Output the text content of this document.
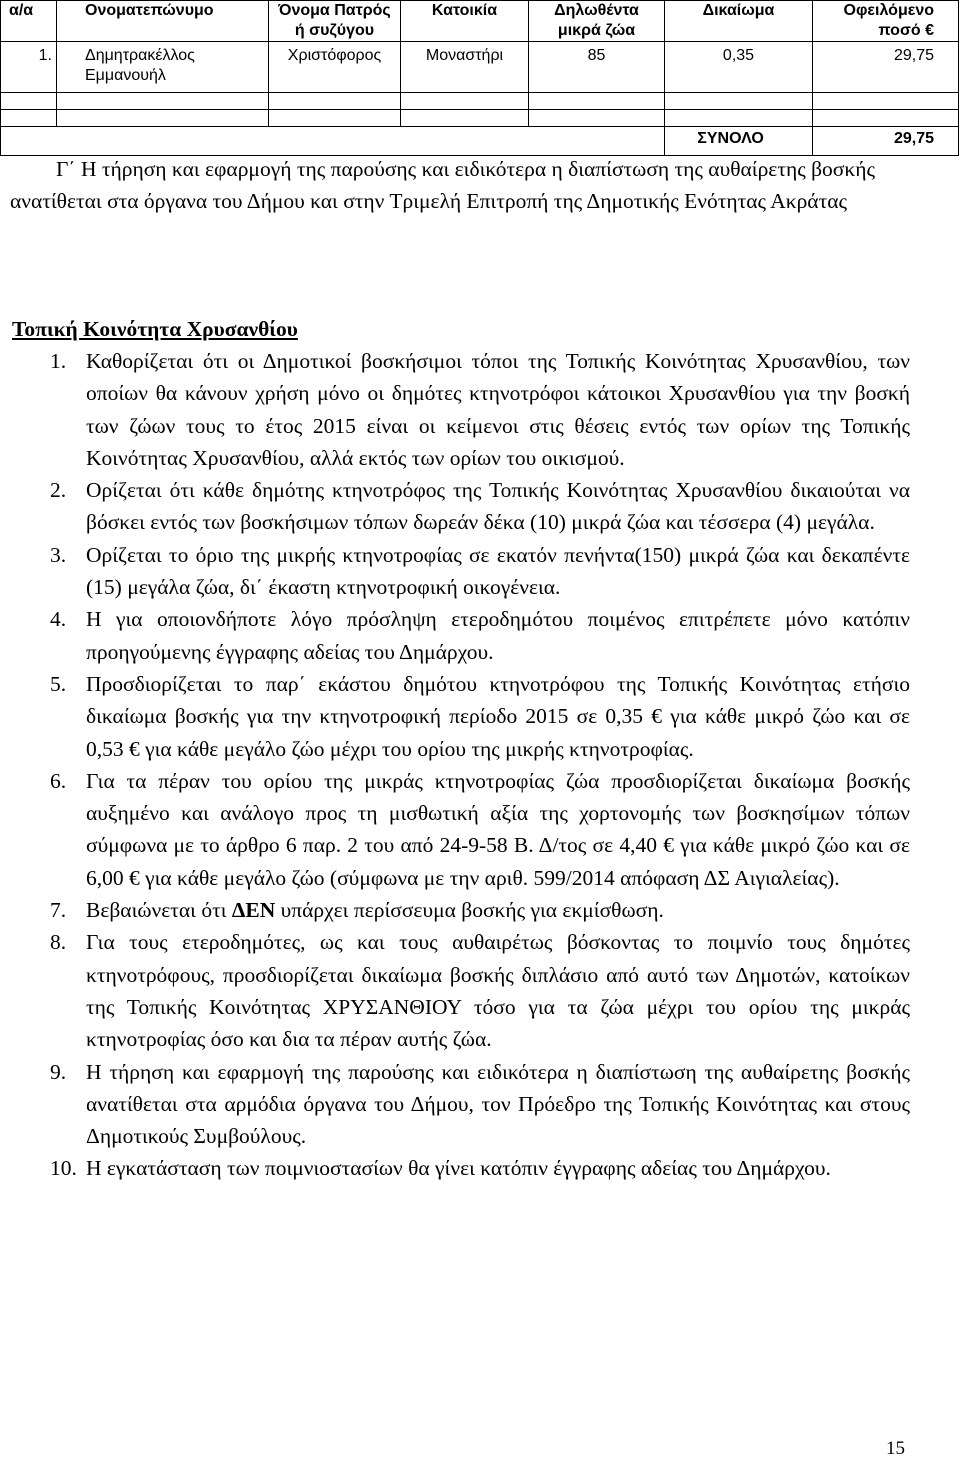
α/α	Ονοματεπώνυμο	Όνομα Πατρός ή συζύγου	Κατοικία	Δηλωθέντα μικρά ζώα	Δικαίωμα	Οφειλόμενο ποσό €
1.	Δημητρακέλλος Εμμανουήλ	Χριστόφορος	Μοναστήρι	85	0,35	29,75

					ΣΥΝΟΛΟ	29,75
Γ΄ Η τήρηση και εφαρμογή της παρούσης και ειδικότερα η διαπίστωση της αυθαίρετης βοσκής ανατίθεται στα όργανα του Δήμου και στην Τριμελή Επιτροπή της Δημοτικής Ενότητας Ακράτας
Τοπική Κοινότητα Χρυσανθίου
1. Καθορίζεται ότι οι Δημοτικοί βοσκήσιμοι τόποι της Τοπικής Κοινότητας Χρυσανθίου, των οποίων θα κάνουν χρήση μόνο οι δημότες κτηνοτρόφοι κάτοικοι Χρυσανθίου για την βοσκή των ζώων τους το έτος 2015 είναι οι κείμενοι στις θέσεις εντός των ορίων της Τοπικής Κοινότητας Χρυσανθίου, αλλά εκτός των ορίων του οικισμού.
2. Ορίζεται ότι κάθε δημότης κτηνοτρόφος της Τοπικής Κοινότητας Χρυσανθίου δικαιούται να βόσκει εντός των βοσκήσιμων τόπων δωρεάν δέκα (10) μικρά ζώα και τέσσερα (4) μεγάλα.
3. Ορίζεται το όριο της μικρής κτηνοτροφίας σε εκατόν πενήντα(150) μικρά ζώα και δεκαπέντε (15) μεγάλα ζώα, δι΄ έκαστη κτηνοτροφική οικογένεια.
4. Η για οποιονδήποτε λόγο πρόσληψη ετεροδημότου ποιμένος επιτρέπετε μόνο κατόπιν προηγούμενης έγγραφης αδείας του Δημάρχου.
5. Προσδιορίζεται το παρ΄ εκάστου δημότου κτηνοτρόφου της Τοπικής Κοινότητας ετήσιο δικαίωμα βοσκής για την κτηνοτροφική περίοδο 2015 σε 0,35 € για κάθε μικρό ζώο και σε 0,53 € για κάθε μεγάλο ζώο μέχρι του ορίου της μικρής κτηνοτροφίας.
6. Για τα πέραν του ορίου της μικράς κτηνοτροφίας ζώα προσδιορίζεται δικαίωμα βοσκής αυξημένο και ανάλογο προς τη μισθωτική αξία της χορτονομής των βοσκησίμων τόπων σύμφωνα με το άρθρο 6 παρ. 2 του από 24-9-58 Β. Δ/τος σε 4,40 € για κάθε μικρό ζώο και σε 6,00 € για κάθε μεγάλο ζώο (σύμφωνα με την αριθ. 599/2014 απόφαση ΔΣ Αιγιαλείας).
7. Βεβαιώνεται ότι ΔΕΝ υπάρχει περίσσευμα βοσκής για εκμίσθωση.
8. Για τους ετεροδημότες, ως και τους αυθαιρέτως βόσκοντας το ποιμνίο τους δημότες κτηνοτρόφους, προσδιορίζεται δικαίωμα βοσκής διπλάσιο από αυτό των Δημοτών, κατοίκων της Τοπικής Κοινότητας ΧΡΥΣΑΝΘΙΟΥ τόσο για τα ζώα μέχρι του ορίου της μικράς κτηνοτροφίας όσο και δια τα πέραν αυτής ζώα.
9. Η τήρηση και εφαρμογή της παρούσης και ειδικότερα η διαπίστωση της αυθαίρετης βοσκής ανατίθεται στα αρμόδια όργανα του Δήμου, τον Πρόεδρο της Τοπικής Κοινότητας και στους Δημοτικούς Συμβούλους.
10. Η εγκατάσταση των ποιμνιοστασίων θα γίνει κατόπιν έγγραφης αδείας του Δημάρχου.
15
